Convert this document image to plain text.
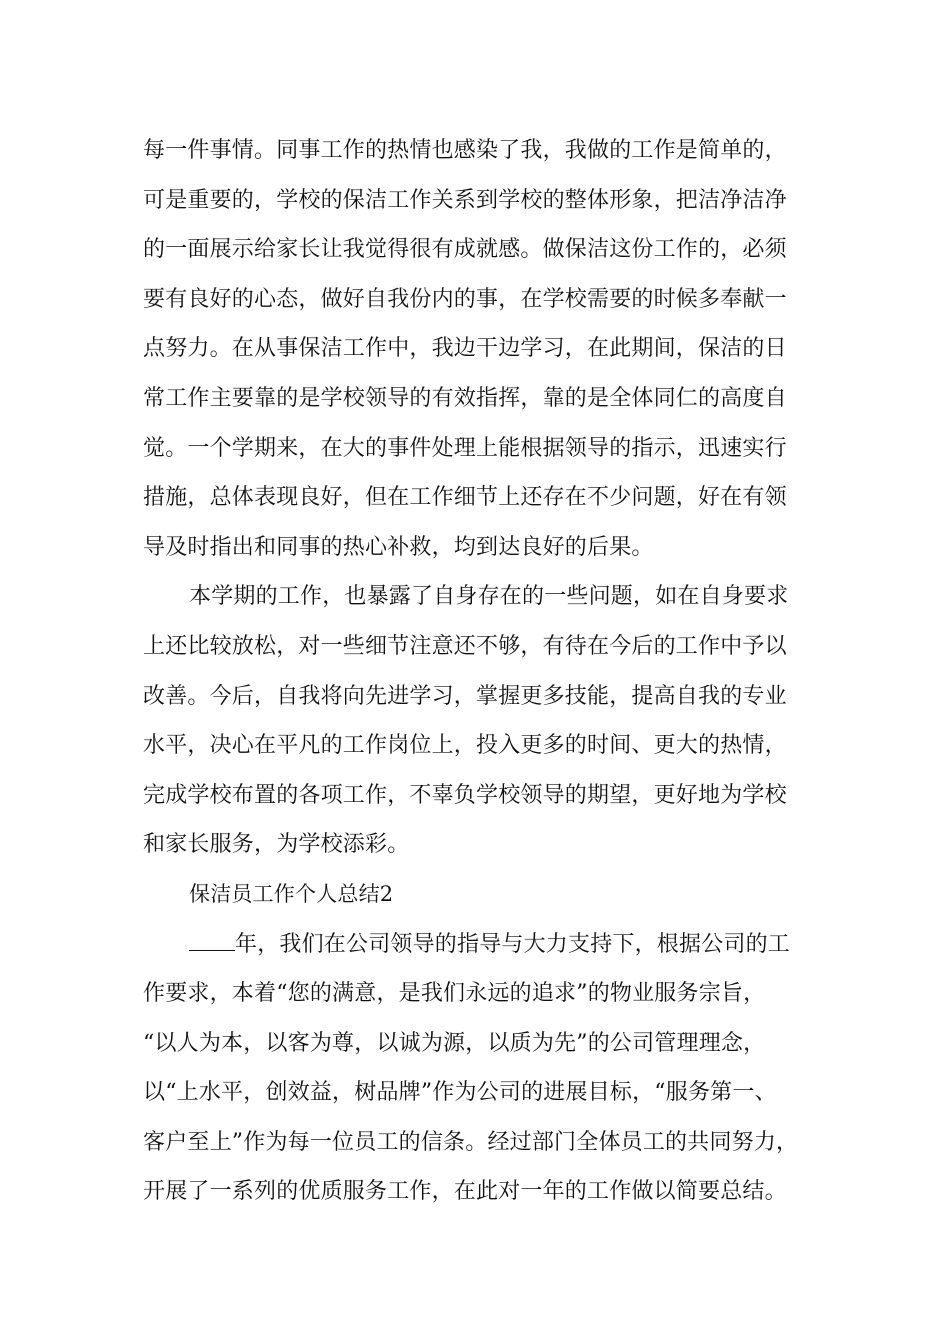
每一件事情。同事工作的热情也感染了我，我做的工作是简单的，
可是重要的，学校的保洁工作关系到学校的整体形象，把洁净洁净
的一面展示给家长让我觉得很有成就感。做保洁这份工作的，必须
要有良好的心态，做好自我份内的事，在学校需要的时候多奉献一
点努力。在从事保洁工作中，我边干边学习，在此期间，保洁的日
常工作主要靠的是学校领导的有效指挥，靠的是全体同仁的高度自
觉。一个学期来，在大的事件处理上能根据领导的指示，迅速实行
措施，总体表现良好，但在工作细节上还存在不少问题，好在有领
导及时指出和同事的热心补救，均到达良好的后果。
本学期的工作，也暴露了自身存在的一些问题，如在自身要求
上还比较放松，对一些细节注意还不够，有待在今后的工作中予以
改善。今后，自我将向先进学习，掌握更多技能，提高自我的专业
水平，决心在平凡的工作岗位上，投入更多的时间、更大的热情，
完成学校布置的各项工作，不辜负学校领导的期望，更好地为学校
和家长服务，为学校添彩。
保洁员工作个人总结2
年，我们在公司领导的指导与大力支持下，根据公司的工
作要求，本着“您的满意，是我们永远的追求”的物业服务宗旨，
“以人为本，以客为尊，以诚为源，以质为先”的公司管理理念，
以“上水平，创效益，树品牌”作为公司的进展目标，“服务第一、
客户至上”作为每一位员工的信条。经过部门全体员工的共同努力，
开展了一系列的优质服务工作，在此对一年的工作做以简要总结。
